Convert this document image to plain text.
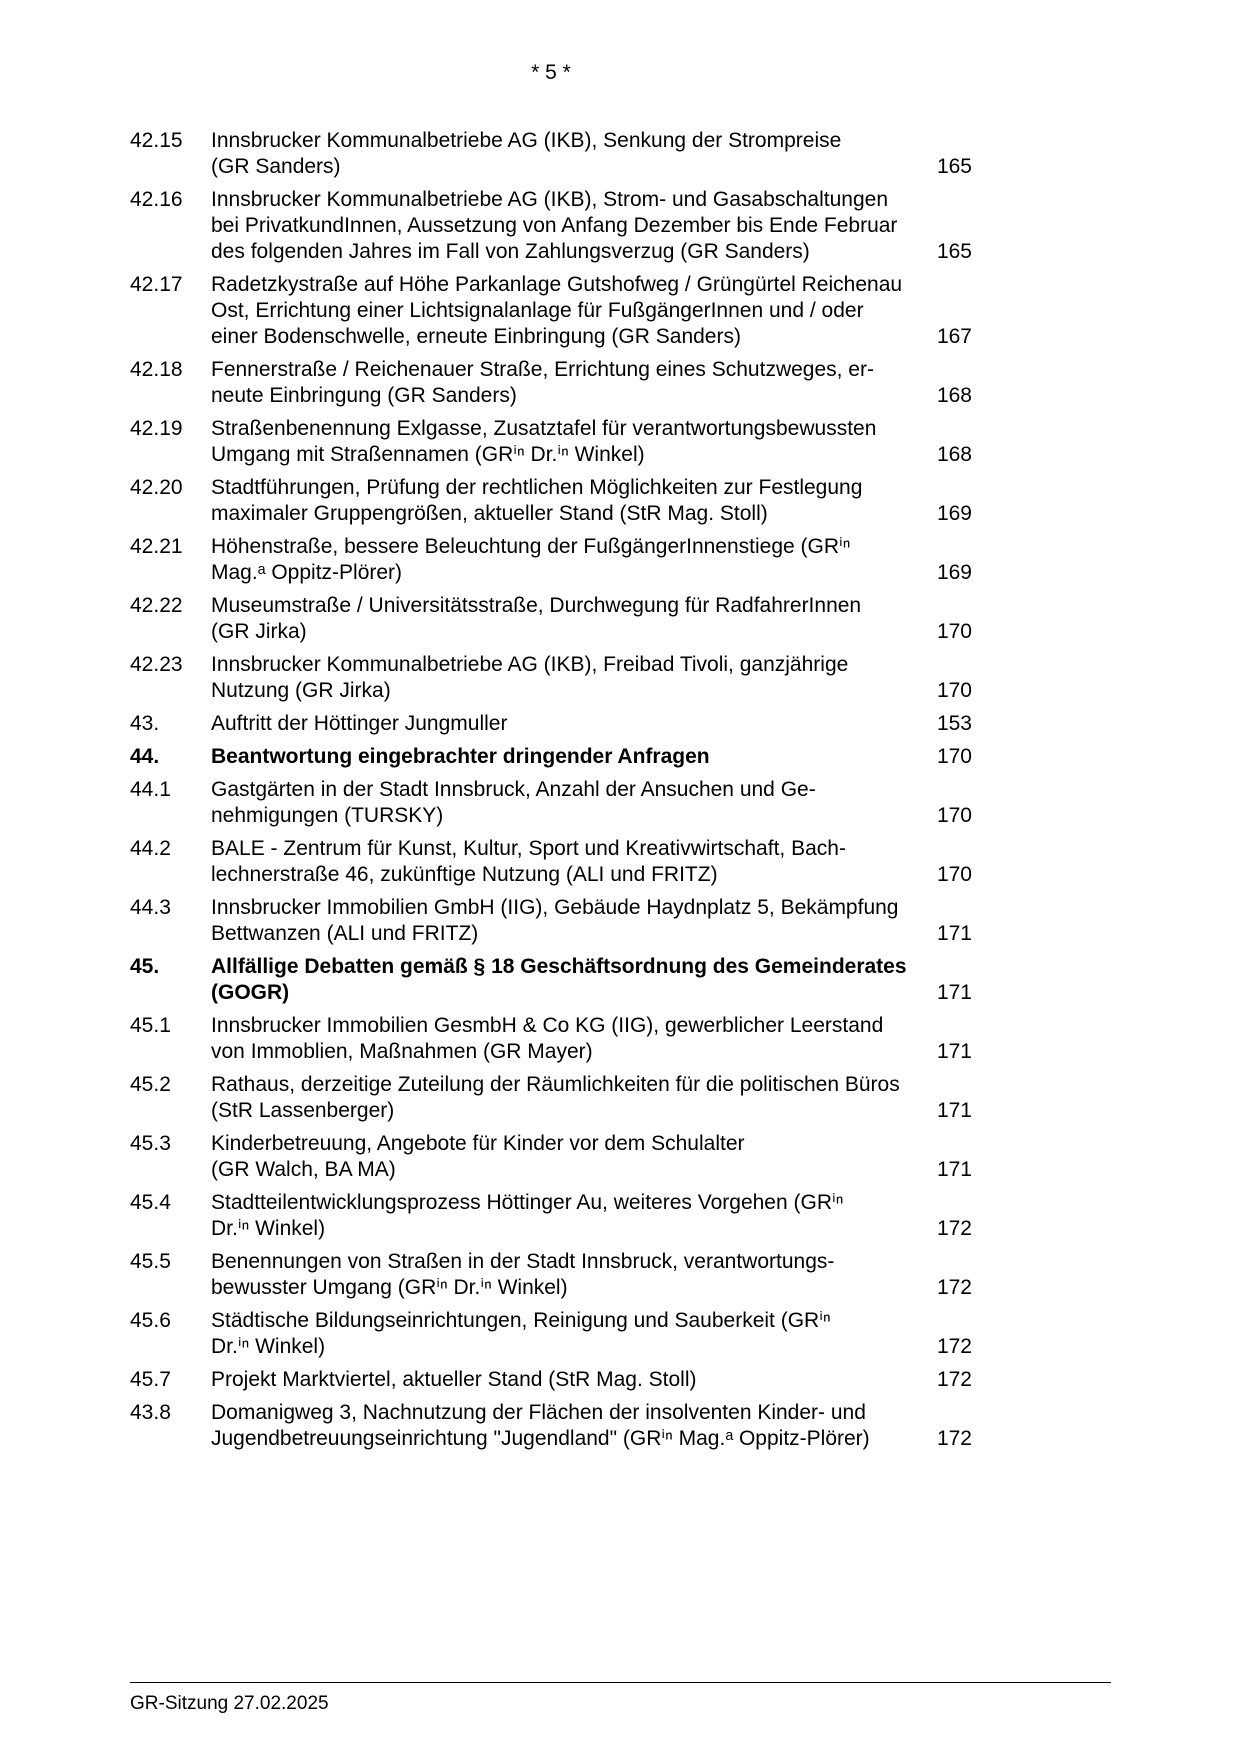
* 5 *
42.15	Innsbrucker Kommunalbetriebe AG (IKB), Senkung der Strompreise
(GR Sanders)	165
42.16	Innsbrucker Kommunalbetriebe AG (IKB), Strom- und Gasabschaltungen
bei PrivatkundInnen, Aussetzung von Anfang Dezember bis Ende Februar
des folgenden Jahres im Fall von Zahlungsverzug (GR Sanders)	165
42.17	Radetzkystraße auf Höhe Parkanlage Gutshofweg / Grüngürtel Reichenau
Ost, Errichtung einer Lichtsignalanlage für FußgängerInnen und / oder
einer Bodenschwelle, erneute Einbringung (GR Sanders)	167
42.18	Fennerstraße / Reichenauer Straße, Errichtung eines Schutzweges, er-
neute Einbringung (GR Sanders)	168
42.19	Straßenbenennung Exlgasse, Zusatztafel für verantwortungsbewussten
Umgang mit Straßennamen (GRⁱⁿ Dr.ⁱⁿ Winkel)	168
42.20	Stadtführungen, Prüfung der rechtlichen Möglichkeiten zur Festlegung
maximaler Gruppengrößen, aktueller Stand (StR Mag. Stoll)	169
42.21	Höhenstraße, bessere Beleuchtung der FußgängerInnenstiege (GRⁱⁿ
Mag.ᵃ Oppitz-Plörer)	169
42.22	Museumstraße / Universitätsstraße, Durchwegung für RadfahrerInnen
(GR Jirka)	170
42.23	Innsbrucker Kommunalbetriebe AG (IKB), Freibad Tivoli, ganzjährige
Nutzung (GR Jirka)	170
43.	Auftritt der Höttinger Jungmuller	153
44.	Beantwortung eingebrachter dringender Anfragen	170
44.1	Gastgärten in der Stadt Innsbruck, Anzahl der Ansuchen und Ge-
nehmigungen (TURSKY)	170
44.2	BALE - Zentrum für Kunst, Kultur, Sport und Kreativwirtschaft, Bach-
lechnerstraße 46, zukünftige Nutzung (ALI und FRITZ)	170
44.3	Innsbrucker Immobilien GmbH (IIG), Gebäude Haydnplatz 5, Bekämpfung
Bettwanzen (ALI und FRITZ)	171
45.	Allfällige Debatten gemäß § 18 Geschäftsordnung des Gemeinderates
(GOGR)	171
45.1	Innsbrucker Immobilien GesmbH & Co KG (IIG), gewerblicher Leerstand
von Immoblien, Maßnahmen (GR Mayer)	171
45.2	Rathaus, derzeitige Zuteilung der Räumlichkeiten für die politischen Büros
(StR Lassenberger)	171
45.3	Kinderbetreuung, Angebote für Kinder vor dem Schulalter
(GR Walch, BA MA)	171
45.4	Stadtteilentwicklungsprozess Höttinger Au, weiteres Vorgehen (GRⁱⁿ
Dr.ⁱⁿ Winkel)	172
45.5	Benennungen von Straßen in der Stadt Innsbruck, verantwortungs-
bewusster Umgang (GRⁱⁿ Dr.ⁱⁿ Winkel)	172
45.6	Städtische Bildungseinrichtungen, Reinigung und Sauberkeit (GRⁱⁿ
Dr.ⁱⁿ Winkel)	172
45.7	Projekt Marktviertel, aktueller Stand (StR Mag. Stoll)	172
43.8	Domanigweg 3, Nachnutzung der Flächen der insolventen Kinder- und
Jugendbetreuungseinrichtung "Jugendland" (GRⁱⁿ Mag.ᵃ Oppitz-Plörer)	172
GR-Sitzung 27.02.2025
